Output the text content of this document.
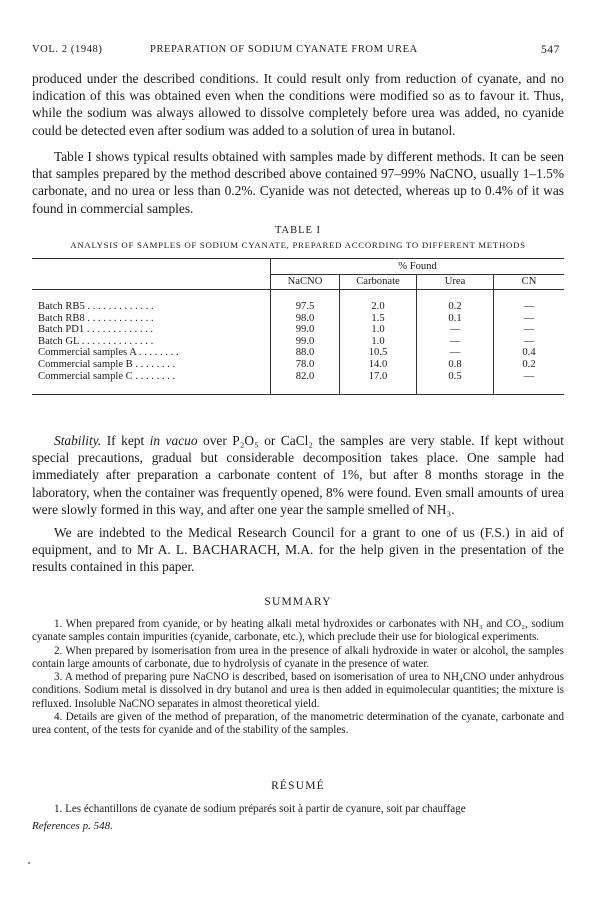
VOL. 2 (1948)	PREPARATION OF SODIUM CYANATE FROM UREA	547

produced under the described conditions. It could result only from reduction of cyanate, and no indication of this was obtained even when the conditions were modified so as to favour it. Thus, while the sodium was always allowed to dissolve completely before urea was added, no cyanide could be detected even after sodium was added to a solution of urea in butanol.

Table I shows typical results obtained with samples made by different methods. It can be seen that samples prepared by the method described above contained 97–99% NaCNO, usually 1–1.5% carbonate, and no urea or less than 0.2%. Cyanide was not detected, whereas up to 0.4% of it was found in commercial samples.

TABLE I
ANALYSIS OF SAMPLES OF SODIUM CYANATE, PREPARED ACCORDING TO DIFFERENT METHODS
	% Found			
	NaCNO	Carbonate	Urea	CN

Batch RB5 . . . . . . . . . . . . .	97.5	2.0	0.2	—
Batch RB8 . . . . . . . . . . . . .	98.0	1.5	0.1	—
Batch PD1 . . . . . . . . . . . . .	99.0	1.0	—	—
Batch GL . . . . . . . . . . . . . .	99.0	1.0	—	—
Commercial samples A . . . . . . . .	88.0	10.5	—	0.4
Commercial sample B . . . . . . . .	78.0	14.0	0.8	0.2
Commercial sample C . . . . . . . .	82.0	17.0	0.5	—

Stability. If kept in vacuo over P₂O₅ or CaCl₂ the samples are very stable. If kept without special precautions, gradual but considerable decomposition takes place. One sample had immediately after preparation a carbonate content of 1%, but after 8 months storage in the laboratory, when the container was frequently opened, 8% were found. Even small amounts of urea were slowly formed in this way, and after one year the sample smelled of NH₃.

We are indebted to the Medical Research Council for a grant to one of us (F.S.) in aid of equipment, and to Mr A. L. BACHARACH, M.A. for the help given in the presentation of the results contained in this paper.

SUMMARY

1. When prepared from cyanide, or by heating alkali metal hydroxides or carbonates with NH₃ and CO₂, sodium cyanate samples contain impurities (cyanide, carbonate, etc.), which preclude their use for biological experiments.

2. When prepared by isomerisation from urea in the presence of alkali hydroxide in water or alcohol, the samples contain large amounts of carbonate, due to hydrolysis of cyanate in the presence of water.

3. A method of preparing pure NaCNO is described, based on isomerisation of urea to NH₄CNO under anhydrous conditions. Sodium metal is dissolved in dry butanol and urea is then added in equimolecular quantities; the mixture is refluxed. Insoluble NaCNO separates in almost theoretical yield.

4. Details are given of the method of preparation, of the manometric determination of the cyanate, carbonate and urea content, of the tests for cyanide and of the stability of the samples.

RÉSUMÉ

1. Les échantillons de cyanate de sodium préparés soit à partir de cyanure, soit par chauffage

References p. 548.
